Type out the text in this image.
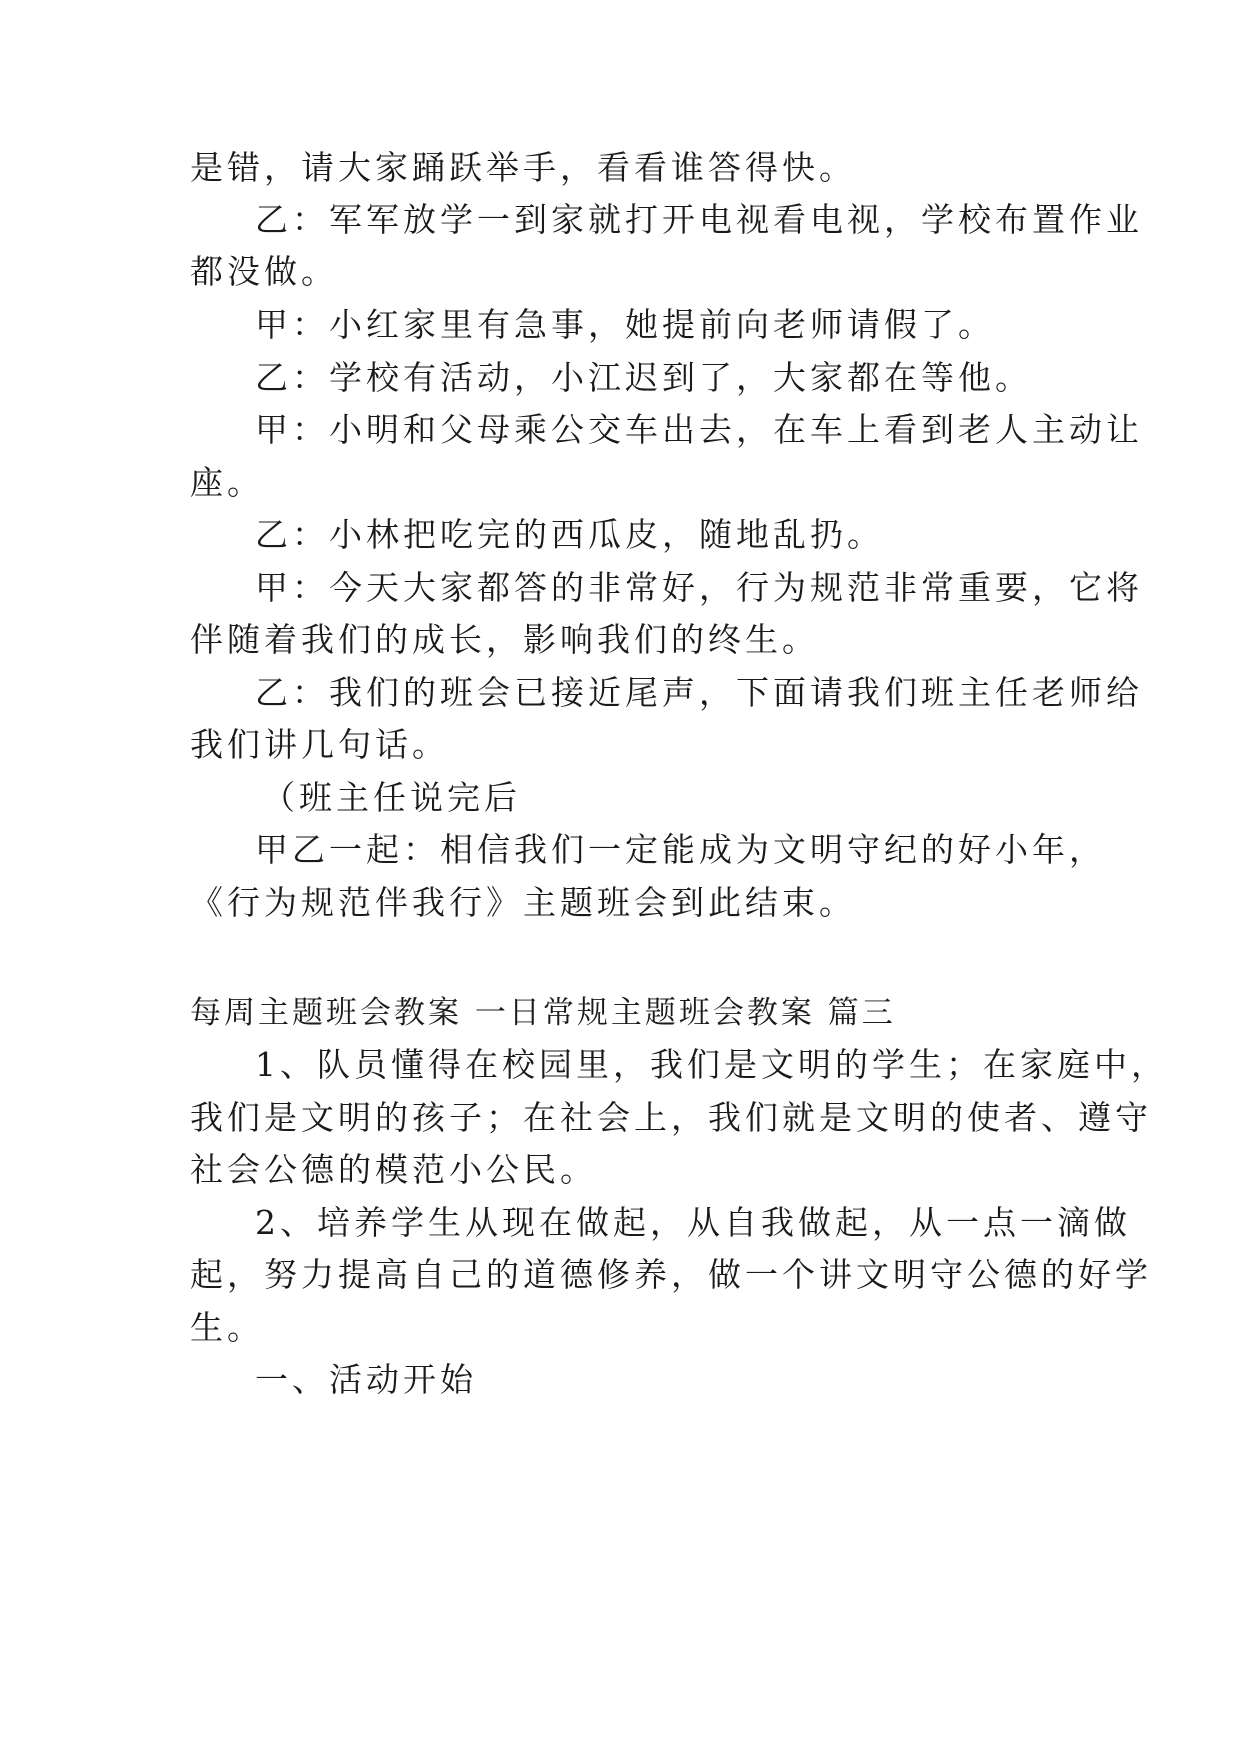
是错，请大家踊跃举手，看看谁答得快。
乙：军军放学一到家就打开电视看电视，学校布置作业
都没做。
甲：小红家里有急事，她提前向老师请假了。
乙：学校有活动，小江迟到了，大家都在等他。
甲：小明和父母乘公交车出去，在车上看到老人主动让
座。
乙：小林把吃完的西瓜皮，随地乱扔。
甲：今天大家都答的非常好，行为规范非常重要，它将
伴随着我们的成长，影响我们的终生。
乙：我们的班会已接近尾声，下面请我们班主任老师给
我们讲几句话。
（班主任说完后
甲乙一起：相信我们一定能成为文明守纪的好小年，
《行为规范伴我行》主题班会到此结束。
每周主题班会教案 一日常规主题班会教案 篇三
1、队员懂得在校园里，我们是文明的学生；在家庭中，
我们是文明的孩子；在社会上，我们就是文明的使者、遵守
社会公德的模范小公民。
2、培养学生从现在做起，从自我做起，从一点一滴做
起，努力提高自己的道德修养，做一个讲文明守公德的好学
生。
一、活动开始
